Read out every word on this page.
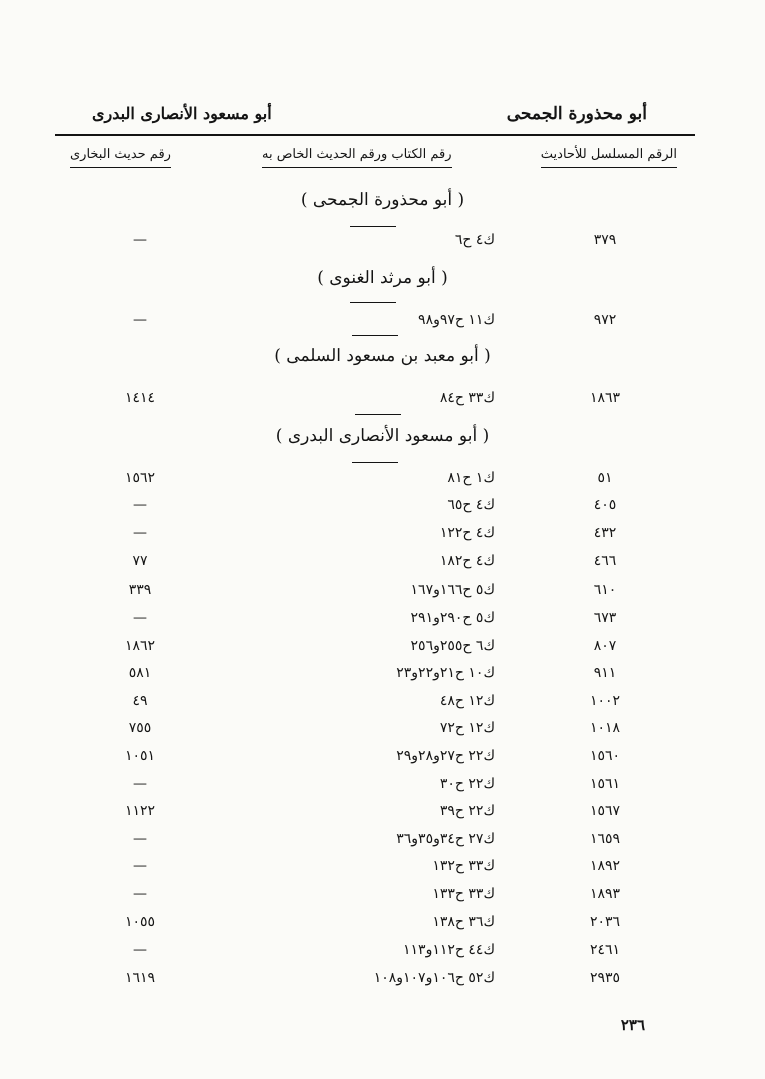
أبو محذورة الجمحى
أبو مسعود الأنصارى البدرى
الرقم المسلسل للأحاديث
رقم الكتاب ورقم الحديث الخاص به
رقم حديث البخارى
( أبو محذورة الجمحى )
٣٧٩
ك٤ ح٦
—
( أبو مرثد الغنوى )
٩٧٢
ك١١ ح٩٧و٩٨
—
( أبو معبد بن مسعود السلمى )
١٨٦٣
ك٣٣ ح٨٤
١٤١٤
( أبو مسعود الأنصارى البدرى )
٥١
ك١ ح٨١
١٥٦٢
٤٠٥
ك٤ ح٦٥
—
٤٣٢
ك٤ ح١٢٢
—
٤٦٦
ك٤ ح١٨٢
٧٧
٦١٠
ك٥ ح١٦٦و١٦٧
٣٣٩
٦٧٣
ك٥ ح٢٩٠و٢٩١
—
٨٠٧
ك٦ ح٢٥٥و٢٥٦
١٨٦٢
٩١١
ك١٠ ح٢١و٢٢و٢٣
٥٨١
١٠٠٢
ك١٢ ح٤٨
٤٩
١٠١٨
ك١٢ ح٧٢
٧٥٥
١٥٦٠
ك٢٢ ح٢٧و٢٨و٢٩
١٠٥١
١٥٦١
ك٢٢ ح٣٠
—
١٥٦٧
ك٢٢ ح٣٩
١١٢٢
١٦٥٩
ك٢٧ ح٣٤و٣٥و٣٦
—
١٨٩٢
ك٣٣ ح١٣٢
—
١٨٩٣
ك٣٣ ح١٣٣
—
٢٠٣٦
ك٣٦ ح١٣٨
١٠٥٥
٢٤٦١
ك٤٤ ح١١٢و١١٣
—
٢٩٣٥
ك٥٢ ح١٠٦و١٠٧و١٠٨
١٦١٩
٢٣٦
